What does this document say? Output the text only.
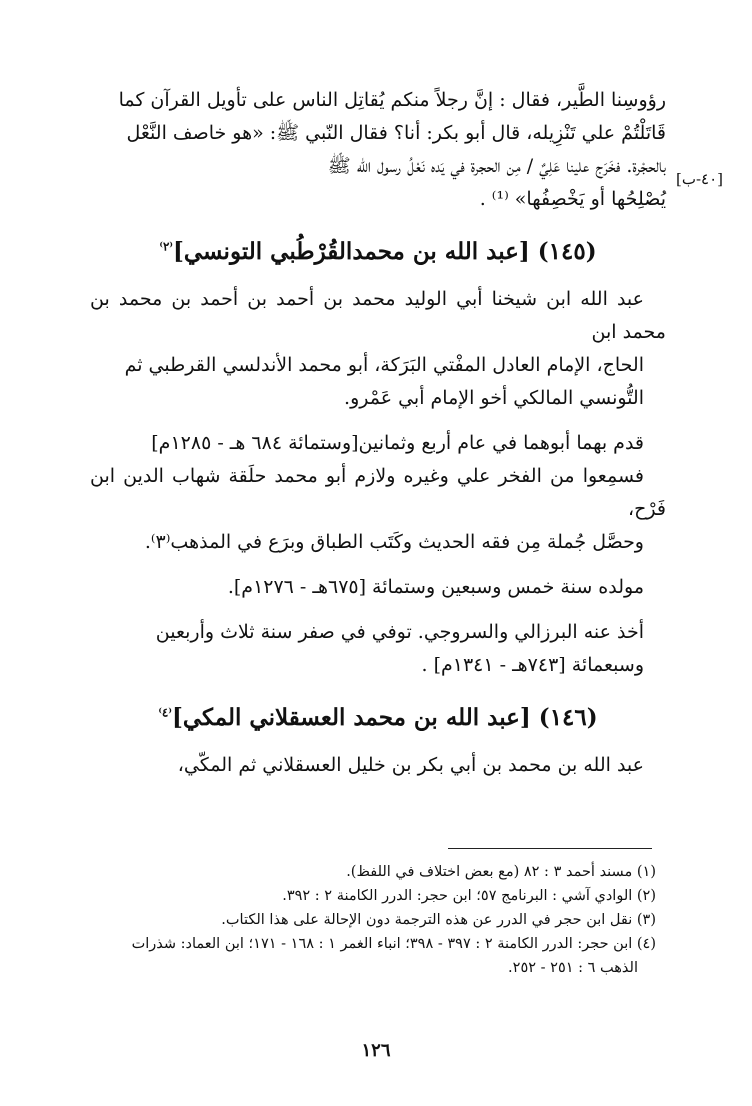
[٤٠-ب]

رؤوسِنا الطَّير، فقال : إنَّ رجلاً منكم يُقاتِل الناس على تأويل القرآن كما

قَاتَلْتُمْ علي تَنْزِيله، قال أبو بكر: أنا؟ فقال النّبي ﷺ: «هو خاصف النَّعْل

بالحجْرة. فخَرَج علينا عَلِيٌ / مِن الحجرة في يَده نَعْلُ رسول الله ﷺ

يُصْلِحُها أو يَخْصِفُها» ⁽¹⁾ .

(١٤٥) [عبد الله بن محمدالقُرْطُبي التونسي]$^{^(٢^)}$

عبد الله ابن شيخنا أبي الوليد محمد بن أحمد بن أحمد بن محمد بن محمد ابن

الحاج، الإمام العادل المفْتي البَرَكة، أبو محمد الأندلسي القرطبي ثم

التُّونسي المالكي أخو الإمام أبي عَمْرو.

قدم بهما أبوهما في عام أربع وثمانين[وستمائة ٦٨٤ هـ - ١٢٨٥م]

فسمِعوا من الفخر علي وغيره ولازم أبو محمد حلَقة شهاب الدين ابن فَرْح،

وحصَّل جُملة مِن فقه الحديث وكَتَب الطباق وبرَع في المذهب⁽٣⁾.

مولده سنة خمس وسبعين وستمائة [٦٧٥هـ - ١٢٧٦م].

أخذ عنه البرزالي والسروجي. توفي في صفر سنة ثلاث وأربعين

وسبعمائة [٧٤٣هـ - ١٣٤١م] .

(١٤٦) [عبد الله بن محمد العسقلاني المكي]$^{^(٤^)}$

عبد الله بن محمد بن أبي بكر بن خليل العسقلاني ثم المكّي،

(١) مسند أحمد ٣ : ٨٢ (مع بعض اختلاف في اللفظ).

(٢) الوادي آشي : البرنامج ٥٧؛ ابن حجر: الدرر الكامنة ٢ : ٣٩٢.

(٣) نقل ابن حجر في الدرر عن هذه الترجمة دون الإحالة على هذا الكتاب.

(٤) ابن حجر: الدرر الكامنة ٢ : ٣٩٧ - ٣٩٨؛ انباء الغمر ١ : ١٦٨ - ١٧١؛ ابن العماد: شذرات

الذهب ٦ : ٢٥١ - ٢٥٢.

١٢٦
